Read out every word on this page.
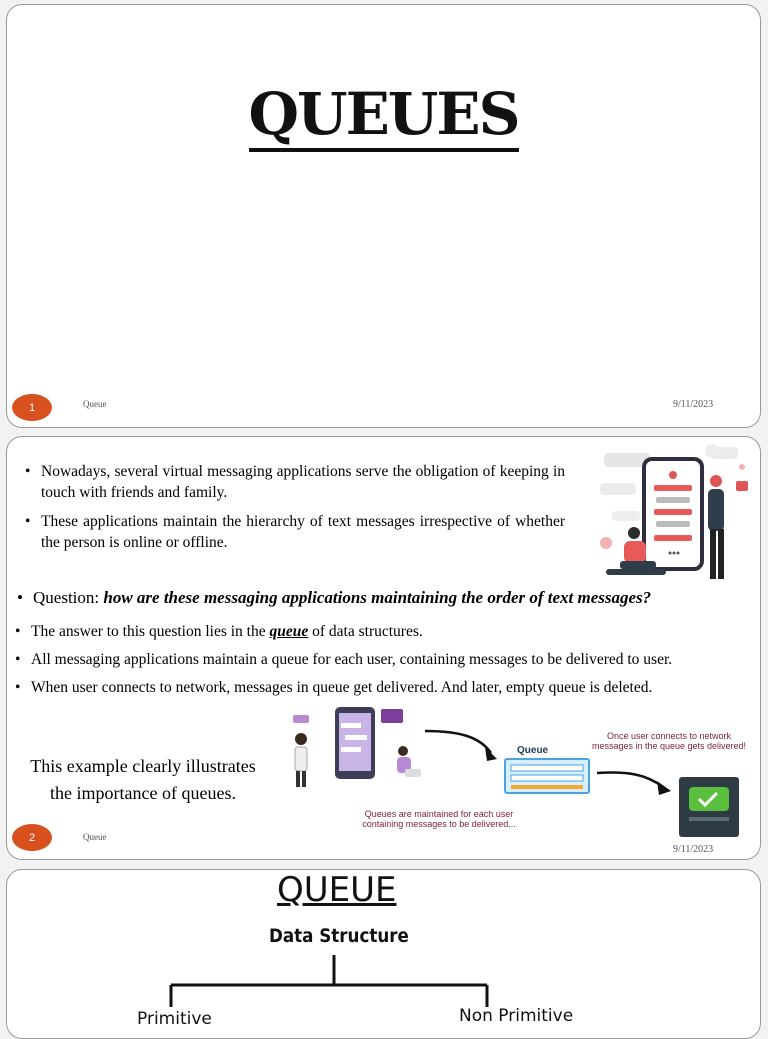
QUEUES
1	Queue	9/11/2023
• Nowadays, several virtual messaging applications serve the obligation of keeping in touch with friends and family.
• These applications maintain the hierarchy of text messages irrespective of whether the person is online or offline.
• Question: how are these messaging applications maintaining the order of text messages?
• The answer to this question lies in the queue of data structures.
• All messaging applications maintain a queue for each user, containing messages to be delivered to user.
• When user connects to network, messages in queue get delivered. And later, empty queue is deleted.
This example clearly illustrates
the importance of queues.
Queue
Once user connects to network messages in the queue gets delivered!
Queues are maintained for each user containing messages to be delivered...
2	Queue
9/11/2023
QUEUE
Data Structure
Primitive	Non Primitive
